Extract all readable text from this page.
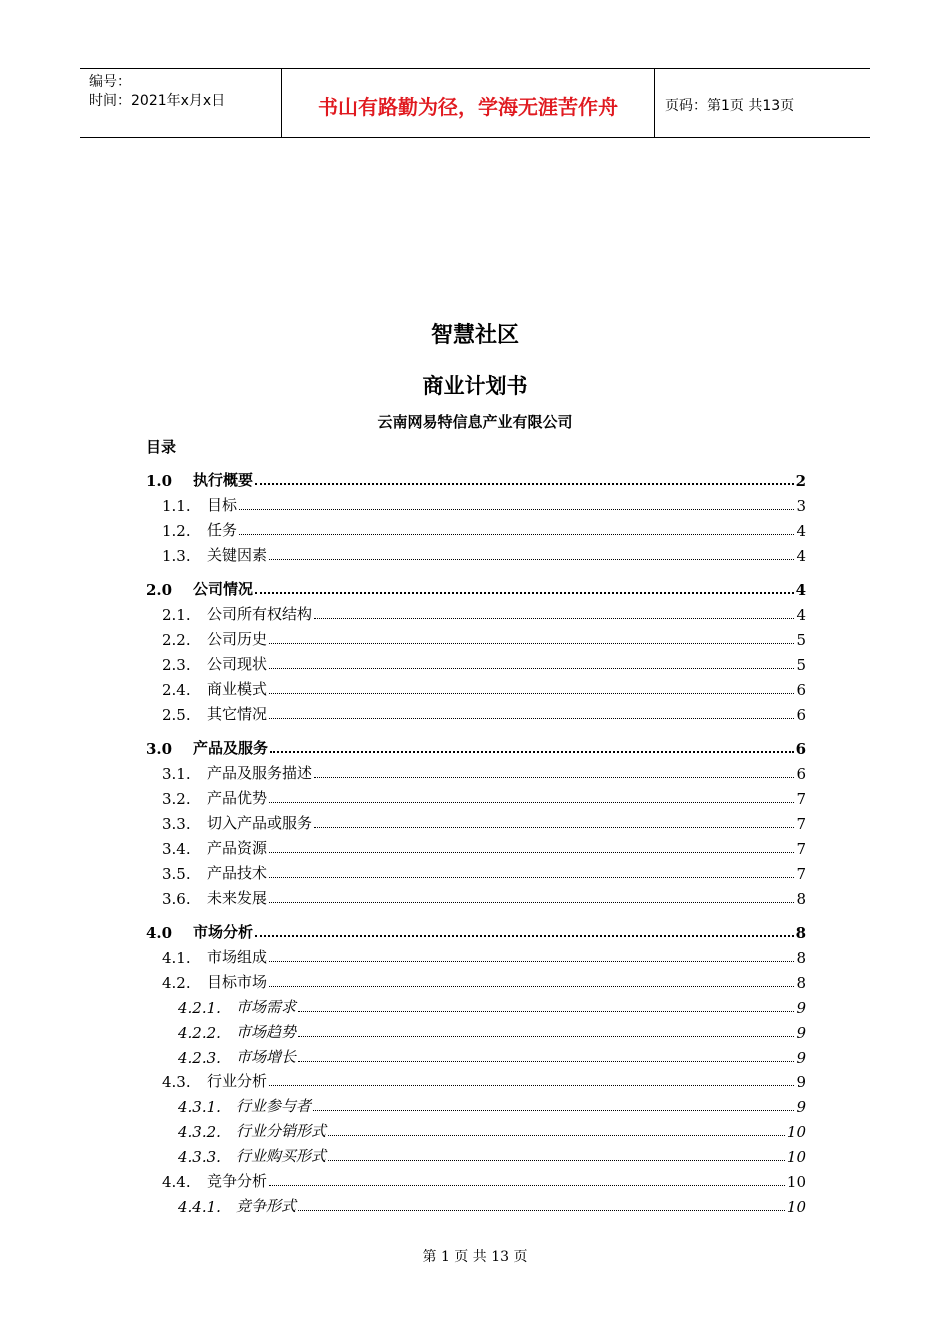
编号：
时间：2021年x月x日	书山有路勤为径，学海无涯苦作舟	页码：第1页 共13页
智慧社区
商业计划书
云南网易特信息产业有限公司
目录
1.0	执行概要	2
1.1.	目标	3
1.2.	任务	4
1.3.	关键因素	4
2.0	公司情况	4
2.1.	公司所有权结构	4
2.2.	公司历史	5
2.3.	公司现状	5
2.4.	商业模式	6
2.5.	其它情况	6
3.0	产品及服务	6
3.1.	产品及服务描述	6
3.2.	产品优势	7
3.3.	切入产品或服务	7
3.4.	产品资源	7
3.5.	产品技术	7
3.6.	未来发展	8
4.0	市场分析	8
4.1.	市场组成	8
4.2.	目标市场	8
4.2.1.	市场需求	9
4.2.2.	市场趋势	9
4.2.3.	市场增长	9
4.3.	行业分析	9
4.3.1.	行业参与者	9
4.3.2.	行业分销形式	10
4.3.3.	行业购买形式	10
4.4.	竞争分析	10
4.4.1.	竞争形式	10
第 1 页 共 13 页
